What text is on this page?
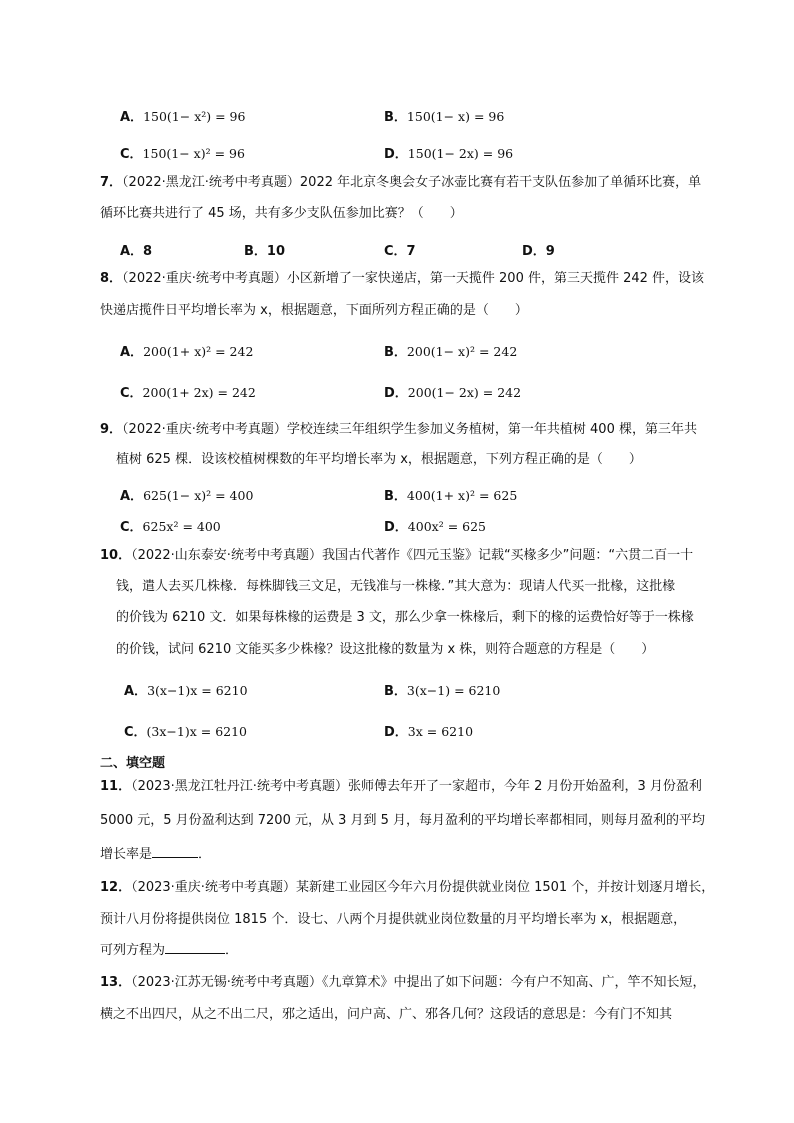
A．150(1− x²) = 96	B．150(1− x) = 96
C．150(1− x)² = 96	D．150(1− 2x) = 96
7．（2022·黑龙江·统考中考真题）2022 年北京冬奥会女子冰壶比赛有若干支队伍参加了单循环比赛，单
循环比赛共进行了 45 场，共有多少支队伍参加比赛？（　　）
A．8	B．10	C．7	D．9
8．（2022·重庆·统考中考真题）小区新增了一家快递店，第一天揽件 200 件，第三天揽件 242 件，设该
快递店揽件日平均增长率为 x，根据题意，下面所列方程正确的是（　　）
A．200(1+ x)² = 242	B．200(1− x)² = 242
C．200(1+ 2x) = 242	D．200(1− 2x) = 242
9．（2022·重庆·统考中考真题）学校连续三年组织学生参加义务植树，第一年共植树 400 棵，第三年共
植树 625 棵．设该校植树棵数的年平均增长率为 x，根据题意，下列方程正确的是（　　）
A．625(1− x)² = 400	B．400(1+ x)² = 625
C．625x² = 400	D．400x² = 625
10．（2022·山东泰安·统考中考真题）我国古代著作《四元玉鉴》记载“买椽多少”问题：“六贯二百一十
钱，遣人去买几株椽．每株脚钱三文足，无钱准与一株椽．”其大意为：现请人代买一批椽，这批椽
的价钱为 6210 文．如果每株椽的运费是 3 文，那么少拿一株椽后，剩下的椽的运费恰好等于一株椽
的价钱，试问 6210 文能买多少株椽？设这批椽的数量为 x 株，则符合题意的方程是（　　）
A．3(x−1)x = 6210	B．3(x−1) = 6210
C．(3x−1)x = 6210	D．3x = 6210
二、填空题
11．（2023·黑龙江牡丹江·统考中考真题）张师傅去年开了一家超市，今年 2 月份开始盈利，3 月份盈利
5000 元，5 月份盈利达到 7200 元，从 3 月到 5 月，每月盈利的平均增长率都相同，则每月盈利的平均
增长率是	．
12．（2023·重庆·统考中考真题）某新建工业园区今年六月份提供就业岗位 1501 个，并按计划逐月增长，
预计八月份将提供岗位 1815 个．设七、八两个月提供就业岗位数量的月平均增长率为 x，根据题意，
可列方程为	．
13．（2023·江苏无锡·统考中考真题）《九章算术》中提出了如下问题：今有户不知高、广，竿不知长短，
横之不出四尺，从之不出二尺，邪之适出，问户高、广、邪各几何？这段话的意思是：今有门不知其
